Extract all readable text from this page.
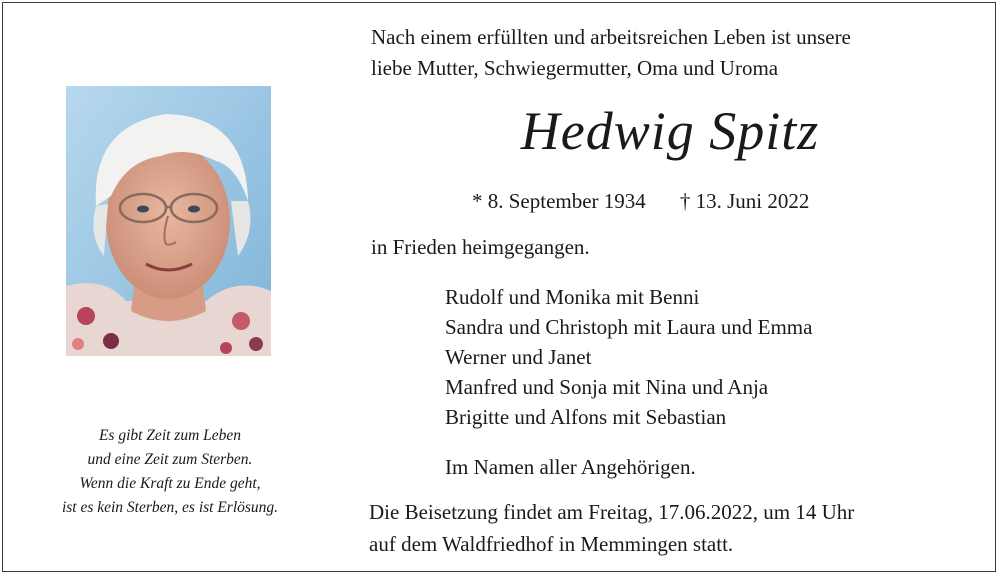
Es gibt Zeit zum Leben
und eine Zeit zum Sterben.
Wenn die Kraft zu Ende geht,
ist es kein Sterben, es ist Erlösung.
Nach einem erfüllten und arbeitsreichen Leben ist unsere
liebe Mutter, Schwiegermutter, Oma und Uroma
Hedwig Spitz
* 8. September 1934 † 13. Juni 2022
in Frieden heimgegangen.
Rudolf und Monika mit Benni
Sandra und Christoph mit Laura und Emma
Werner und Janet
Manfred und Sonja mit Nina und Anja
Brigitte und Alfons mit Sebastian
Im Namen aller Angehörigen.
Die Beisetzung findet am Freitag, 17.06.2022, um 14 Uhr
auf dem Waldfriedhof in Memmingen statt.
